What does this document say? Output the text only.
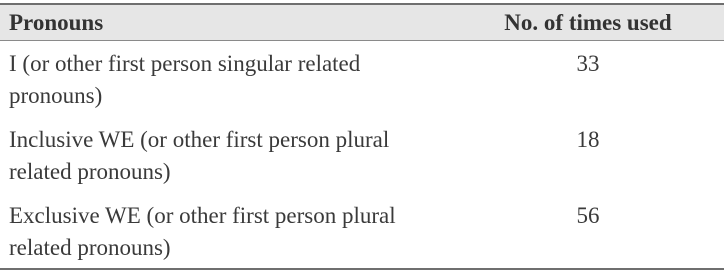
Pronouns	No. of times used
I (or other first person singular related pronouns)
33
Inclusive WE (or other first person plural related pronouns)
18
Exclusive WE (or other first person plural related pronouns)
56
